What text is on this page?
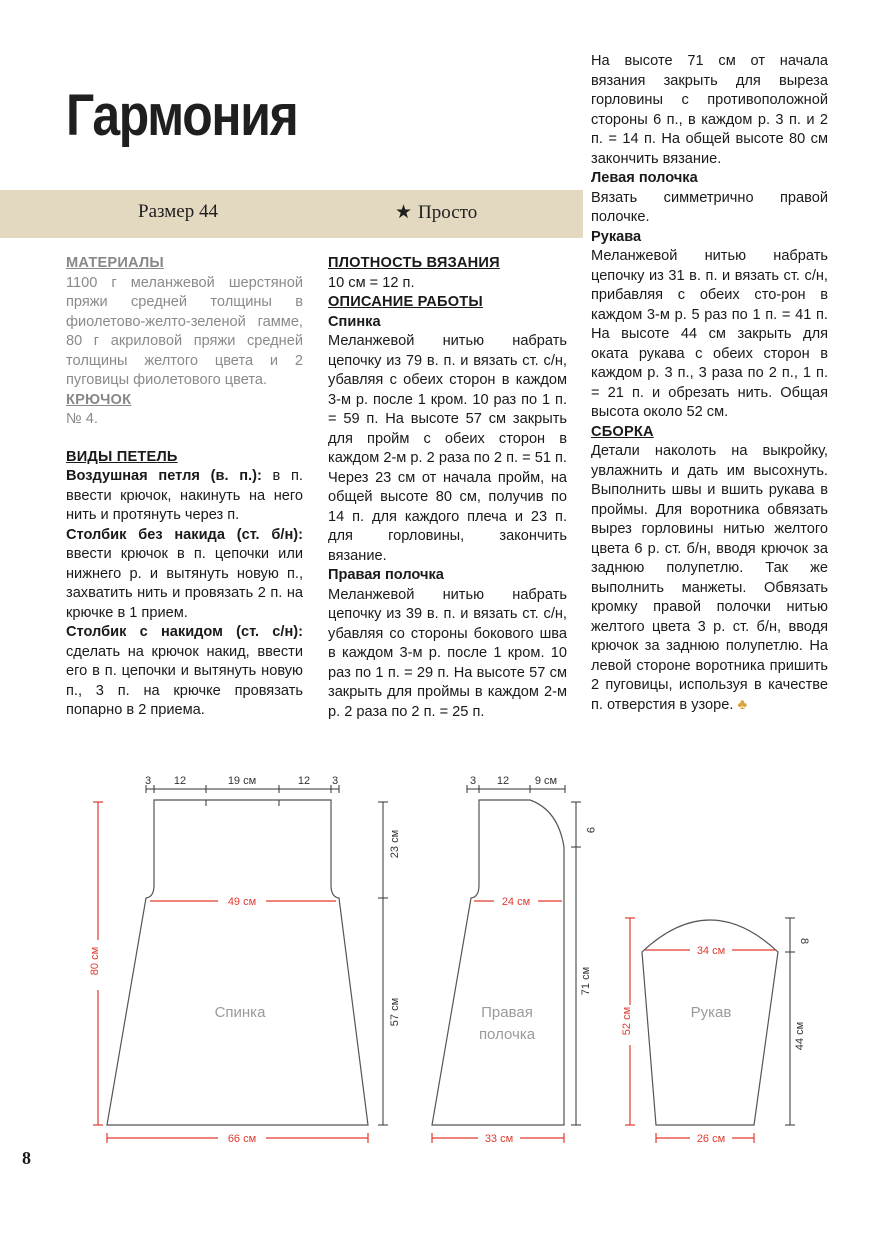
Гармония
Размер 44	★ Просто
МАТЕРИАЛЫ

1100 г меланжевой шерстяной пряжи средней толщины в фиолетово-желто-зеленой гамме, 80 г акриловой пряжи средней толщины желтого цвета и 2 пуговицы фиолетового цвета.

КРЮЧОК

№ 4.

ВИДЫ ПЕТЕЛЬ

Воздушная петля (в. п.): в п. ввести крючок, накинуть на него нить и протянуть через п.

Столбик без накида (ст. б/н): ввести крючок в п. цепочки или нижнего р. и вытянуть новую п., захватить нить и провязать 2 п. на крючке в 1 прием.

Столбик с накидом (ст. с/н): сделать на крючок накид, ввести его в п. цепочки и вытянуть новую п., 3 п. на крючке провязать попарно в 2 приема.

ПЛОТНОСТЬ ВЯЗАНИЯ

10 см = 12 п.

ОПИСАНИЕ РАБОТЫ
Спинка

Меланжевой нитью набрать цепочку из 79 в. п. и вязать ст. с/н, убавляя с обеих сторон в каждом 3-м р. после 1 кром. 10 раз по 1 п. = 59 п. На высоте 57 см закрыть для пройм с обеих сторон в каждом 2-м р. 2 раза по 2 п. = 51 п. Через 23 см от начала пройм, на общей высоте 80 см, получив по 14 п. для каждого плеча и 23 п. для горловины, закончить вязание.

Правая полочка

Меланжевой нитью набрать цепочку из 39 в. п. и вязать ст. с/н, убавляя со стороны бокового шва в каждом 3-м р. после 1 кром. 10 раз по 1 п. = 29 п. На высоте 57 см закрыть для проймы в каждом 2-м р. 2 раза по 2 п. = 25 п.

На высоте 71 см от начала вязания закрыть для выреза горловины с противоположной стороны 6 п., в каждом р. 3 п. и 2 п. = 14 п. На общей высоте 80 см закончить вязание.

Левая полочка

Вязать симметрично правой полочке.

Рукава

Меланжевой нитью набрать цепочку из 31 в. п. и вязать ст. с/н, прибавляя с обеих сто-рон в каждом 3-м р. 5 раз по 1 п. = 41 п. На высоте 44 см закрыть для оката рукава с обеих сторон в каждом р. 3 п., 3 раза по 2 п., 1 п. = 21 п. и обрезать нить. Общая высота около 52 см.

СБОРКА

Детали наколоть на выкройку, увлажнить и дать им высохнуть. Выполнить швы и вшить рукава в проймы. Для воротника обвязать вырез горловины нитью желтого цвета 6 р. ст. б/н, вводя крючок за заднюю полупетлю. Так же выполнить манжеты. Обвязать кромку правой полочки нитью желтого цвета 3 р. ст. б/н, вводя крючок за заднюю полупетлю. На левой стороне воротника пришить 2 пуговицы, используя в качестве п. отверстия в узоре. ♣

Спинка
3 12	19 см	12 3
49 см
66 см
80 см
23 см
57 см	Правая
полочка
3 12 9 см
24 см
33 см
9
71 см
Рукав
34 см
26 см
52 см
8
44 см
8
